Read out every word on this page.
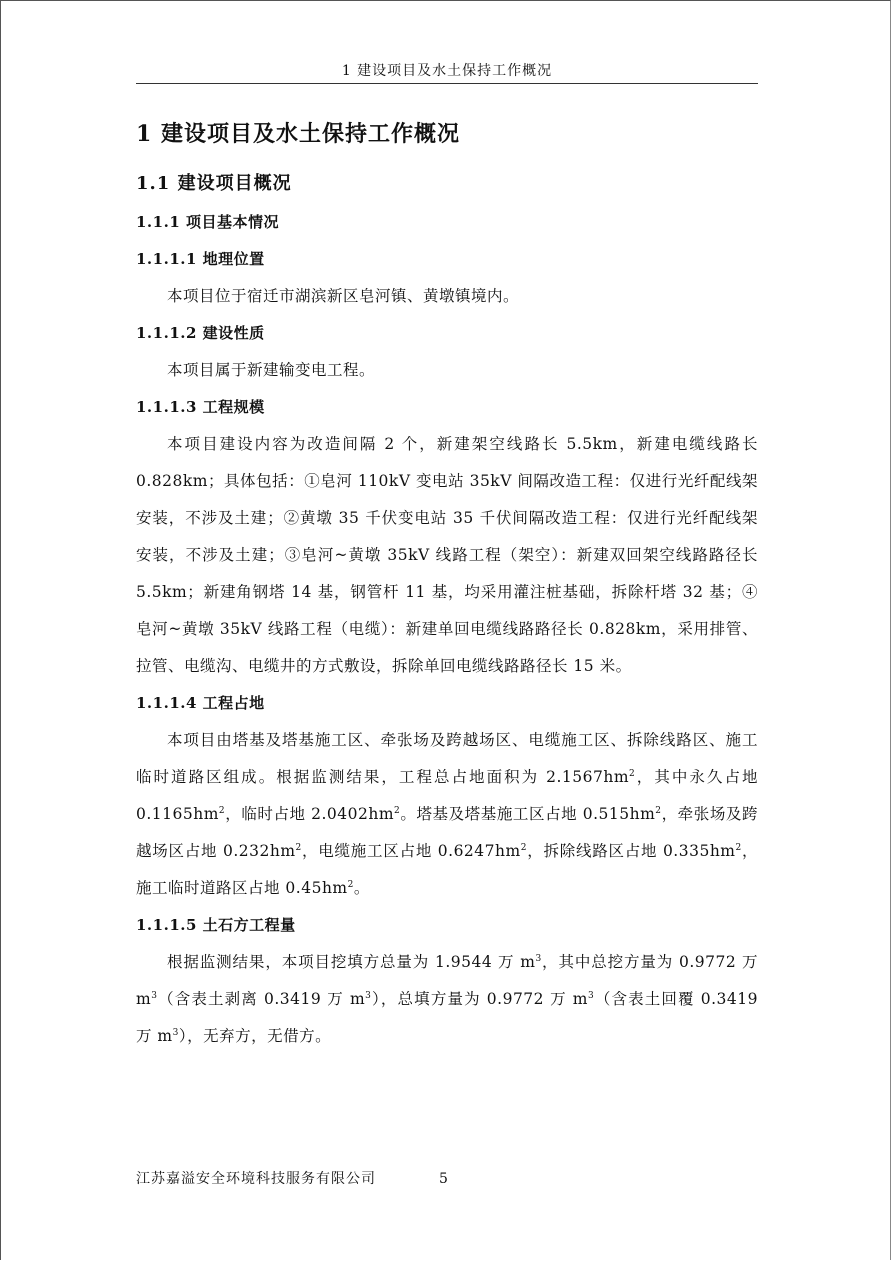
1 建设项目及水土保持工作概况
1 建设项目及水土保持工作概况
1.1 建设项目概况
1.1.1 项目基本情况
1.1.1.1 地理位置

本项目位于宿迁市湖滨新区皂河镇、黄墩镇境内。

1.1.1.2 建设性质

本项目属于新建输变电工程。

1.1.1.3 工程规模

本项目建设内容为改造间隔 2 个，新建架空线路长 5.5km，新建电缆线路长 0.828km；具体包括：①皂河 110kV 变电站 35kV 间隔改造工程：仅进行光纤配线架安装，不涉及土建；②黄墩 35 千伏变电站 35 千伏间隔改造工程：仅进行光纤配线架安装，不涉及土建；③皂河~黄墩 35kV 线路工程（架空）：新建双回架空线路路径长 5.5km；新建角钢塔 14 基，钢管杆 11 基，均采用灌注桩基础，拆除杆塔 32 基；④皂河~黄墩 35kV 线路工程（电缆）：新建单回电缆线路路径长 0.828km，采用排管、拉管、电缆沟、电缆井的方式敷设，拆除单回电缆线路路径长 15 米。

1.1.1.4 工程占地

本项目由塔基及塔基施工区、牵张场及跨越场区、电缆施工区、拆除线路区、施工临时道路区组成。根据监测结果，工程总占地面积为 $2.1567hm^2$，其中永久占地 $0.1165hm^2$，临时占地 $2.0402hm^2$。塔基及塔基施工区占地 $0.515hm^2$，牵张场及跨越场区占地 $0.232hm^2$，电缆施工区占地 $0.6247hm^2$，拆除线路区占地 $0.335hm^2$，施工临时道路区占地 $0.45hm^2$。

1.1.1.5 土石方工程量

根据监测结果，本项目挖填方总量为 1.9544 万 $m^3$，其中总挖方量为 0.9772 万 $m^3$（含表土剥离 0.3419 万 $m^3$），总填方量为 0.9772 万 $m^3$（含表土回覆 0.3419 万 $m^3$），无弃方，无借方。

江苏嘉溢安全环境科技服务有限公司	5
